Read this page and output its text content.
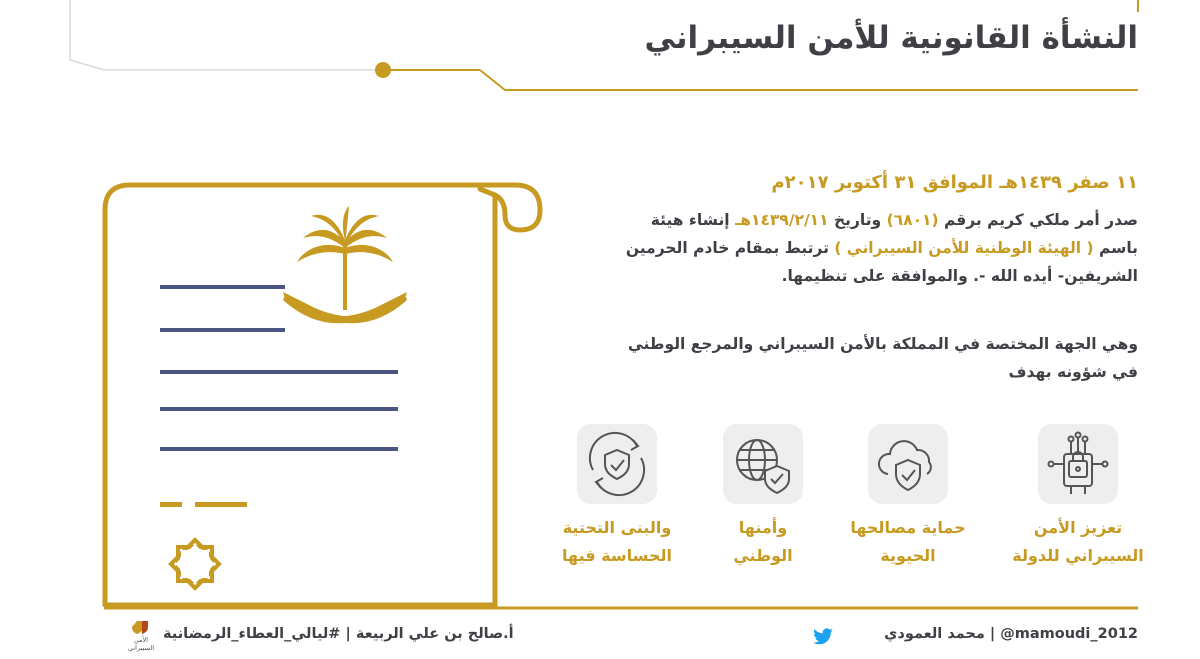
النشأة القانونية للأمن السيبراني
١١ صفر ١٤٣٩هـ الموافق ٣١ أكتوبر ٢٠١٧م
صدر أمر ملكي كريم برقم (٦٨٠١) وتاريخ ١٤٣٩/٢/١١هـ إنشاء هيئة
باسم ( الهيئة الوطنية للأمن السيبراني ) ترتبط بمقام خادم الحرمين
الشريفين- أيده الله -. والموافقة على تنظيمها.
وهي الجهة المختصة في المملكة بالأمن السيبراني والمرجع الوطني
في شؤونه بهدف
تعزيز الأمن
السيبراني للدولة
حماية مصالحها
الحيوية
وأمنها
الوطني
والبنى التحتية
الحساسة فيها
محمد العمودي | @mamoudi_2012
أ.صالح بن علي الربيعة | #ليالي_العطاء_الرمضانية
الأمن
السيبراني
